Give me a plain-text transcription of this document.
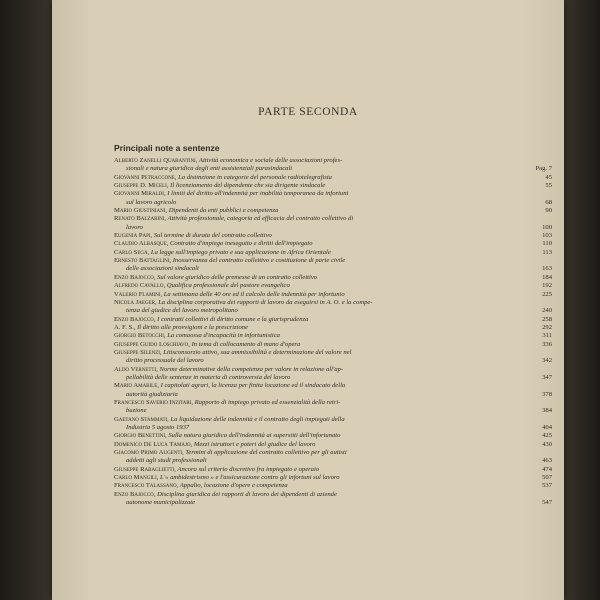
PARTE SECONDA
Principali note a sentenze
Alberto Zanelli Quarantini, Attività economica e sociale delle associazioni profes-
sionali e natura giuridica degli enti assistenziali parasindacali	Pag. 7
Giovanni Petraccone, La distinzione in categorie del personale radiotelegrafista	45
Giuseppe D. Miceli, Il licenziamento del dipendente che sia dirigente sindacale	55
Giovanni Miraldi, I limiti del diritto all'indennità per inabilità temporanea da infortuni
sul lavoro agricolo	68
Mario Giustiniani, Dipendenti da enti pubblici e competenza	90
Renato Balzarini, Attività professionale, categoria ed efficacia del contratto collettivo di
lavoro	100
Eugenia Papi, Sul termine di durata del contratto collettivo	103
Claudio Albasque, Contratto d'impiego ineseguito e diritti dell'impiegato	110
Carlo Sega, La legge sull'impiego privato e sua applicazione in Africa Orientale	113
Ernesto Battaglini, Inosservanza del contratto collettivo e costituzione di parte civile
delle associazioni sindacali	163
Enzo Bajocco, Sul valore giuridico delle premesse di un contratto collettivo	184
Alfredo Cavallo, Qualifica professionale del pastore evangelico	192
Valerio Flamini, La settimana delle 40 ore ed il calcolo delle indennità per infortunio	225
Nicola Jaeger, La disciplina corporativa dei rapporti di lavoro da eseguirsi in A. O. e la compe-
tenza del giudice del lavoro metropolitano	240
Enzo Bajocco, I contratti collettivi di diritto comune e la giurisprudenza	258
A. F. S., Il diritto alle provvigioni e la prescrizione	292
Giorgio Betocchi, La comaossa d'incapacità in infortunistica	311
Giuseppe Guido Loschiavo, In tema di collocamento di mano d'opera	336
Giuseppe Silenzi, Litisconsorzio attivo, sua ammissibilità e determinazione del valore nel
diritto processuale del lavoro	342
Aldo Vernetti, Norme determinative della competenza per valore in relazione all'ap-
pellabilità delle sentenze in materia di controversia del lavoro	347
Mario Amabile, I capitolati agrari, la licenza per finita locazione ed il sindacato della
autorità giudiziaria	378
Francesco Saverio Inzitari, Rapporto di impiego privato ed essenzialità della retri-
buzione	384
Gaetano Stammati, La liquidazione delle indennità e il contratto degli impiegati della
Industria 5 agosto 1937	404
Giorgio Benettini, Sulla natura giuridica dell'indennità ai superstiti dell'infortunato	425
Domenico De Luca Tamajo, Mezzi istruttori e poteri del giudice del lavoro	430
Giacomo Primo Augenti, Termini di applicazione del contratto collettivo per gli autisti
addetti agli studi professionali	463
Giuseppe Rabaglietti, Ancora sul criterio discretivo fra impiegato e operaio	474
Carlo Mangili, L'« ambidestrismo » e l'assicurazione contro gli infortuni sul lavoro	507
Francesco Talassano, Appalto, locazione d'opere e competenza	537
Enzo Bajocco, Disciplina giuridica dei rapporti di lavoro dei dipendenti di aziende
autonome municipalizzate	547
